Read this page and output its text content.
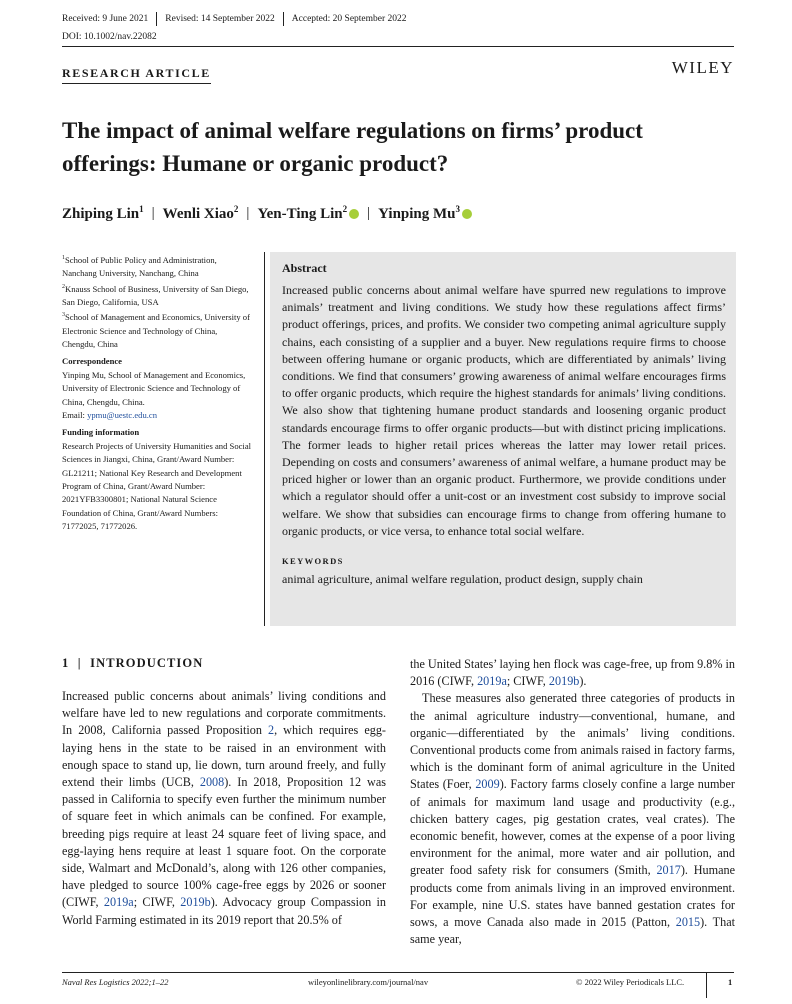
Received: 9 June 2021	Revised: 14 September 2022	Accepted: 20 September 2022
DOI: 10.1002/nav.22082
RESEARCH ARTICLE	WILEY
The impact of animal welfare regulations on firms’ product offerings: Humane or organic product?
Zhiping Lin$^1$ | Wenli Xiao$^2$ | Yen-Ting Lin$^2$	| Yinping Mu$^3$

$^1$School of Public Policy and Administration, Nanchang University, Nanchang, China

$^2$Knauss School of Business, University of San Diego, San Diego, California, USA

$^3$School of Management and Economics, University of Electronic Science and Technology of China, Chengdu, China

Correspondence

Yinping Mu, School of Management and Economics, University of Electronic Science and Technology of China, Chengdu, China.

Email: ypmu@uestc.edu.cn

Funding information

Research Projects of University Humanities and Social Sciences in Jiangxi, China, Grant/Award Number: GL21211; National Key Research and Development Program of China, Grant/Award Number: 2021YFB3300801; National Natural Science Foundation of China, Grant/Award Numbers: 71772025, 71772026.

Abstract

Increased public concerns about animal welfare have spurred new regulations to improve animals’ treatment and living conditions. We study how these regulations affect firms’ product offerings, prices, and profits. We consider two competing animal agriculture supply chains, each consisting of a supplier and a buyer. New regulations require firms to choose between offering humane or organic products, which are differentiated by animals’ living conditions. We find that consumers’ growing awareness of animal welfare encourages firms to offer organic products, which require the highest standards for animals’ living conditions. We also show that tightening humane product standards and loosening organic product standards encourage firms to offer organic products—but with distinct pricing implications. The former leads to higher retail prices whereas the latter may lower retail prices. Depending on costs and consumers’ awareness of animal welfare, a humane product may be priced higher or lower than an organic product. Furthermore, we provide conditions under which a regulator should offer a unit-cost or an investment cost subsidy to improve social welfare. We show that subsidies can encourage firms to change from offering humane to organic products, or vice versa, to enhance total social welfare.

KEYWORDS
animal agriculture, animal welfare regulation, product design, supply chain
1  |  INTRODUCTION

Increased public concerns about animals’ living conditions and welfare have led to new regulations and corporate commitments. In 2008, California passed Proposition 2, which requires egg-laying hens in the state to be raised in an environment with enough space to stand up, lie down, turn around freely, and fully extend their limbs (UCB, 2008). In 2018, Proposition 12 was passed in California to specify even further the minimum number of square feet in which animals can be confined. For example, breeding pigs require at least 24 square feet of living space, and egg-laying hens require at least 1 square foot. On the corporate side, Walmart and McDonald’s, along with 126 other companies, have pledged to source 100% cage-free eggs by 2026 or sooner (CIWF, 2019a; CIWF, 2019b). Advocacy group Compassion in World Farming estimated in its 2019 report that 20.5% of

the United States’ laying hen flock was cage-free, up from 9.8% in 2016 (CIWF, 2019a; CIWF, 2019b).

These measures also generated three categories of products in the animal agriculture industry—conventional, humane, and organic—differentiated by the animals’ living conditions. Conventional products come from animals raised in factory farms, which is the dominant form of animal agriculture in the United States (Foer, 2009). Factory farms closely confine a large number of animals for maximum land usage and productivity (e.g., chicken battery cages, pig gestation crates, veal crates). The economic benefit, however, comes at the expense of a poor living environment for the animal, more water and air pollution, and greater food safety risk for consumers (Smith, 2017). Humane products come from animals living in an improved environment. For example, nine U.S. states have banned gestation crates for sows, a move Canada also made in 2015 (Patton, 2015). That same year,

Naval Res Logistics 2022;1–22	wileyonlinelibrary.com/journal/nav	© 2022 Wiley Periodicals LLC.	1
